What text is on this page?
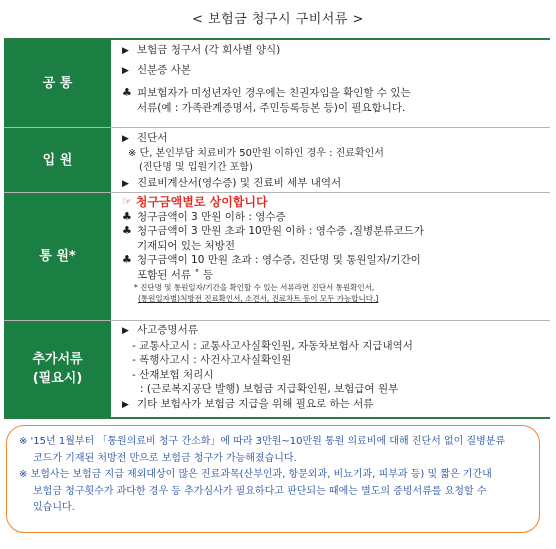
< 보험금 청구시 구비서류 >
공 통
▶ 보험금 청구서 (각 회사별 양식)
▶ 신분증 사본
♣ 피보험자가 미성년자인 경우에는 친권자임을 확인할 수 있는
서류(예 : 가족관계증명서, 주민등록등본 등)이 필요합니다.
입 원
▶ 진단서
※ 단, 본인부담 치료비가 50만원 이하인 경우 : 진료확인서
(진단명 및 입원기간 포함)
▶ 진료비계산서(영수증) 및 진료비 세부 내역서
통 원*
☞ 청구금액별로 상이합니다
♣ 청구금액이 3 만원 이하 : 영수증
♣ 청구금액이 3 만원 초과 10만원 이하 : 영수증 ,질병분류코드가
기재되어 있는 처방전
♣ 청구금액이 10 만원 초과 : 영수증, 진단명 및 통원일자/기간이
포함된 서류 ˚ 등
* 진단명 및 통원일자/기간을 확인할 수 있는 서류라면 진단서 통원확인서,
(통원일자별)처방전 진료확인서, 소견서, 진료차트 등이 모두 가능합니다.]
추가서류
(필요시)
▶ 사고증명서류
- 교통사고시 : 교통사고사실확인원, 자동차보험사 지급내역서
- 폭행사고시 : 사건사고사실확인원
- 산재보험 처리시
: (근로복지공단 발행) 보험금 지급확인원, 보험급여 원부
▶ 기타 보험사가 보험금 지급을 위해 필요로 하는 서류
※ '15년 1월부터 「통원의료비 청구 간소화」에 따라 3만원~10만원 통원 의료비에 대해 진단서 없이 질병분류
코드가 기재된 처방전 만으로 보험금 청구가 가능해졌습니다.
※ 보험사는 보험금 지급 제외대상이 많은 진료과목(산부인과, 항문외과, 비뇨기과, 피부과 등) 및 짧은 기간내
보험금 청구횟수가 과다한 경우 등 추가심사가 필요하다고 판단되는 때에는 별도의 증빙서류를 요청할 수
있습니다.
